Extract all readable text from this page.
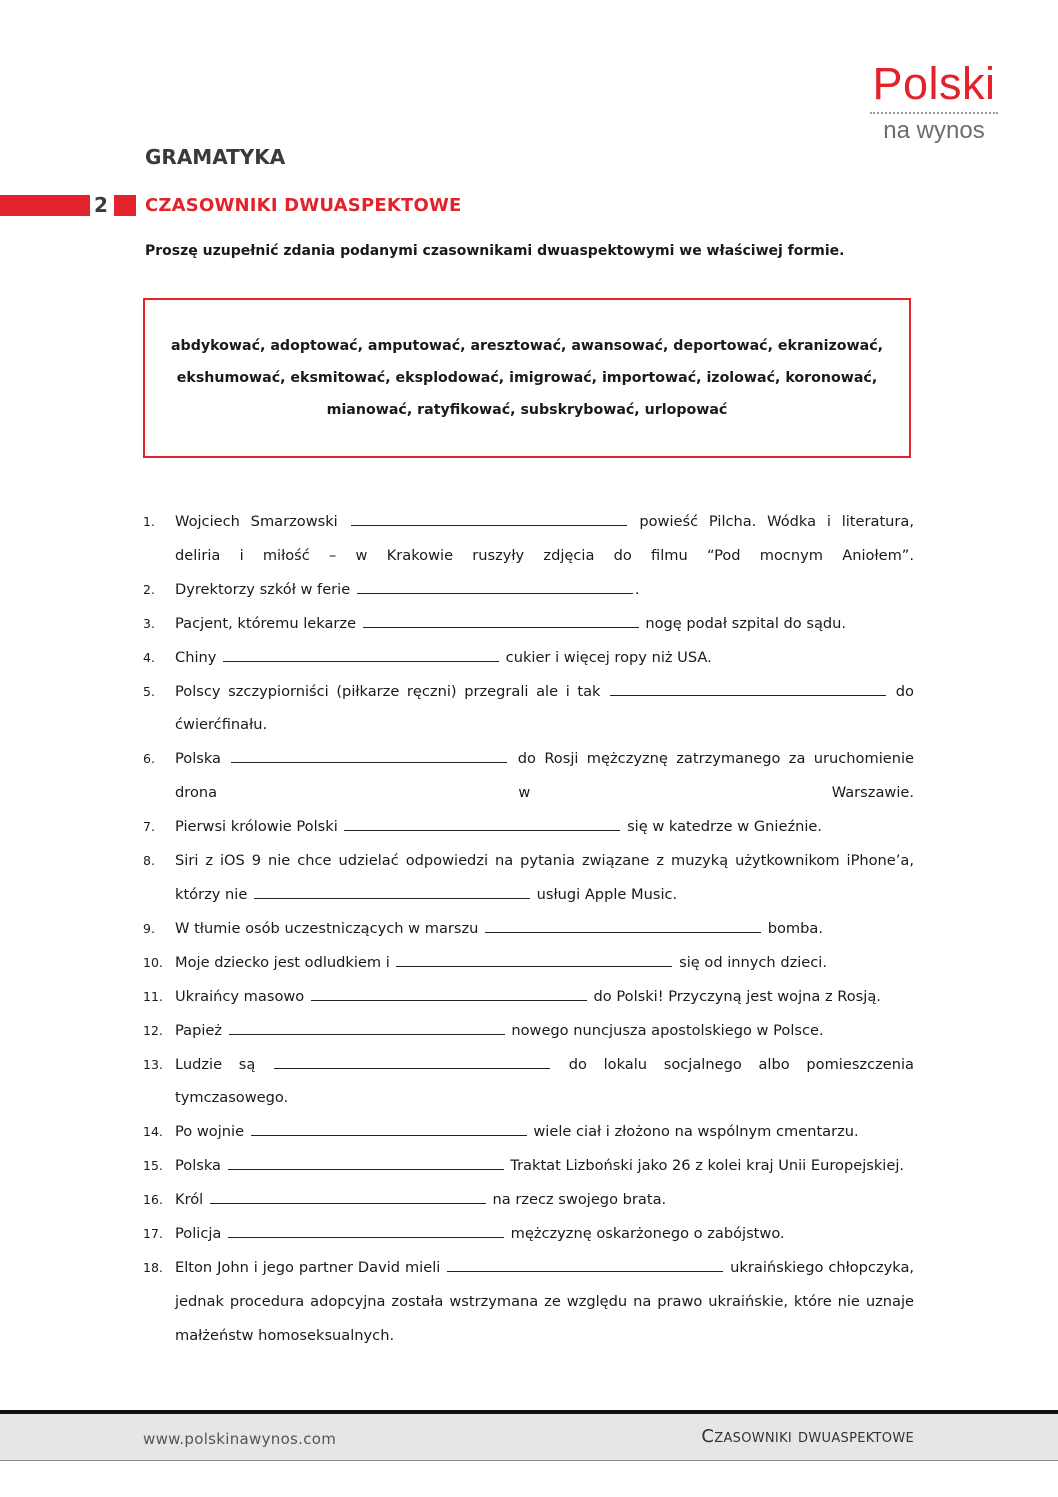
Polski
na wynos
GRAMATYKA
2 CZASOWNIKI DWUASPEKTOWE
Proszę uzupełnić zdania podanymi czasownikami dwuaspektowymi we właściwej formie.

abdykować, adoptować, amputować, aresztować, awansować, deportować, ekranizować, ekshumować, eksmitować, eksplodować, imigrować, importować, izolować, koronować, mianować, ratyfikować, subskrybować, urlopować

1. Wojciech Smarzowski	powieść Pilcha. Wódka i literatura, deliria i miłość – w Krakowie ruszyły zdjęcia do filmu “Pod mocnym Aniołem”.
2. Dyrektorzy szkół w ferie	.
3. Pacjent, któremu lekarze	nogę podał szpital do sądu.
4. Chiny	cukier i więcej ropy niż USA.
5. Polscy szczypiorniści (piłkarze ręczni) przegrali ale i tak	do ćwierćfinału.
6. Polska	do Rosji mężczyznę zatrzymanego za uruchomienie drona w Warszawie.
7. Pierwsi królowie Polski	się w katedrze w Gnieźnie.
8. Siri z iOS 9 nie chce udzielać odpowiedzi na pytania związane z muzyką użytkownikom iPhone’a, którzy nie	usługi Apple Music.
9. W tłumie osób uczestniczących w marszu	bomba.
10. Moje dziecko jest odludkiem i	się od innych dzieci.
11. Ukraińcy masowo	do Polski! Przyczyną jest wojna z Rosją.
12. Papież	nowego nuncjusza apostolskiego w Polsce.
13. Ludzie są	do lokalu socjalnego albo pomieszczenia tymczasowego.
14. Po wojnie	wiele ciał i złożono na wspólnym cmentarzu.
15. Polska	Traktat Lizboński jako 26 z kolei kraj Unii Europejskiej.
16. Król	na rzecz swojego brata.
17. Policja	mężczyznę oskarżonego o zabójstwo.
18. Elton John i jego partner David mieli	ukraińskiego chłopczyka, jednak procedura adopcyjna została wstrzymana ze względu na prawo ukraińskie, które nie uznaje małżeństw homoseksualnych.
www.polskinawynos.com	Czasowniki dwuaspektowe
